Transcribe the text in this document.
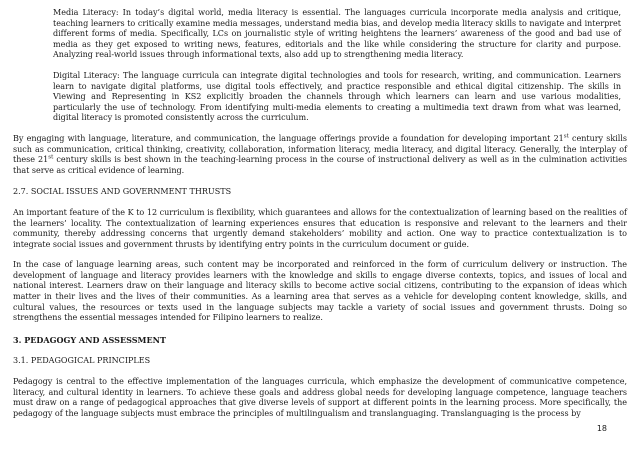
Media Literacy: In today’s digital world, media literacy is essential. The languages curricula incorporate media analysis and critique, teaching learners to critically examine media messages, understand media bias, and develop media literacy skills to navigate and interpret different forms of media. Specifically, LCs on journalistic style of writing heightens the learners’ awareness of the good and bad use of media as they get exposed to writing news, features, editorials and the like while considering the structure for clarity and purpose. Analyzing real-world issues through informational texts, also add up to strengthening media literacy.

Digital Literacy: The language curricula can integrate digital technologies and tools for research, writing, and communication. Learners learn to navigate digital platforms, use digital tools effectively, and practice responsible and ethical digital citizenship. The skills in Viewing and Representing in KS2 explicitly broaden the channels through which learners can learn and use various modalities, particularly the use of technology. From identifying multi-media elements to creating a multimedia text drawn from what was learned, digital literacy is promoted consistently across the curriculum.

By engaging with language, literature, and communication, the language offerings provide a foundation for developing important 21st century skills such as communication, critical thinking, creativity, collaboration, information literacy, media literacy, and digital literacy. Generally, the interplay of these 21st century skills is best shown in the teaching-learning process in the course of instructional delivery as well as in the culmination activities that serve as critical evidence of learning.

2.7. SOCIAL ISSUES AND GOVERNMENT THRUSTS

An important feature of the K to 12 curriculum is flexibility, which guarantees and allows for the contextualization of learning based on the realities of the learners’ locality. The contextualization of learning experiences ensures that education is responsive and relevant to the learners and their community, thereby addressing concerns that urgently demand stakeholders’ mobility and action. One way to practice contextualization is to integrate social issues and government thrusts by identifying entry points in the curriculum document or guide.

In the case of language learning areas, such content may be incorporated and reinforced in the form of curriculum delivery or instruction. The development of language and literacy provides learners with the knowledge and skills to engage diverse contexts, topics, and issues of local and national interest. Learners draw on their language and literacy skills to become active social citizens, contributing to the expansion of ideas which matter in their lives and the lives of their communities. As a learning area that serves as a vehicle for developing content knowledge, skills, and cultural values, the resources or texts used in the language subjects may tackle a variety of social issues and government thrusts. Doing so strengthens the essential messages intended for Filipino learners to realize.

3. PEDAGOGY AND ASSESSMENT
3.1. PEDAGOGICAL PRINCIPLES

Pedagogy is central to the effective implementation of the languages curricula, which emphasize the development of communicative competence, literacy, and cultural identity in learners. To achieve these goals and address global needs for developing language competence, language teachers must draw on a range of pedagogical approaches that give diverse levels of support at different points in the learning process. More specifically, the pedagogy of the language subjects must embrace the principles of multilingualism and translanguaging. Translanguaging is the process by

18
